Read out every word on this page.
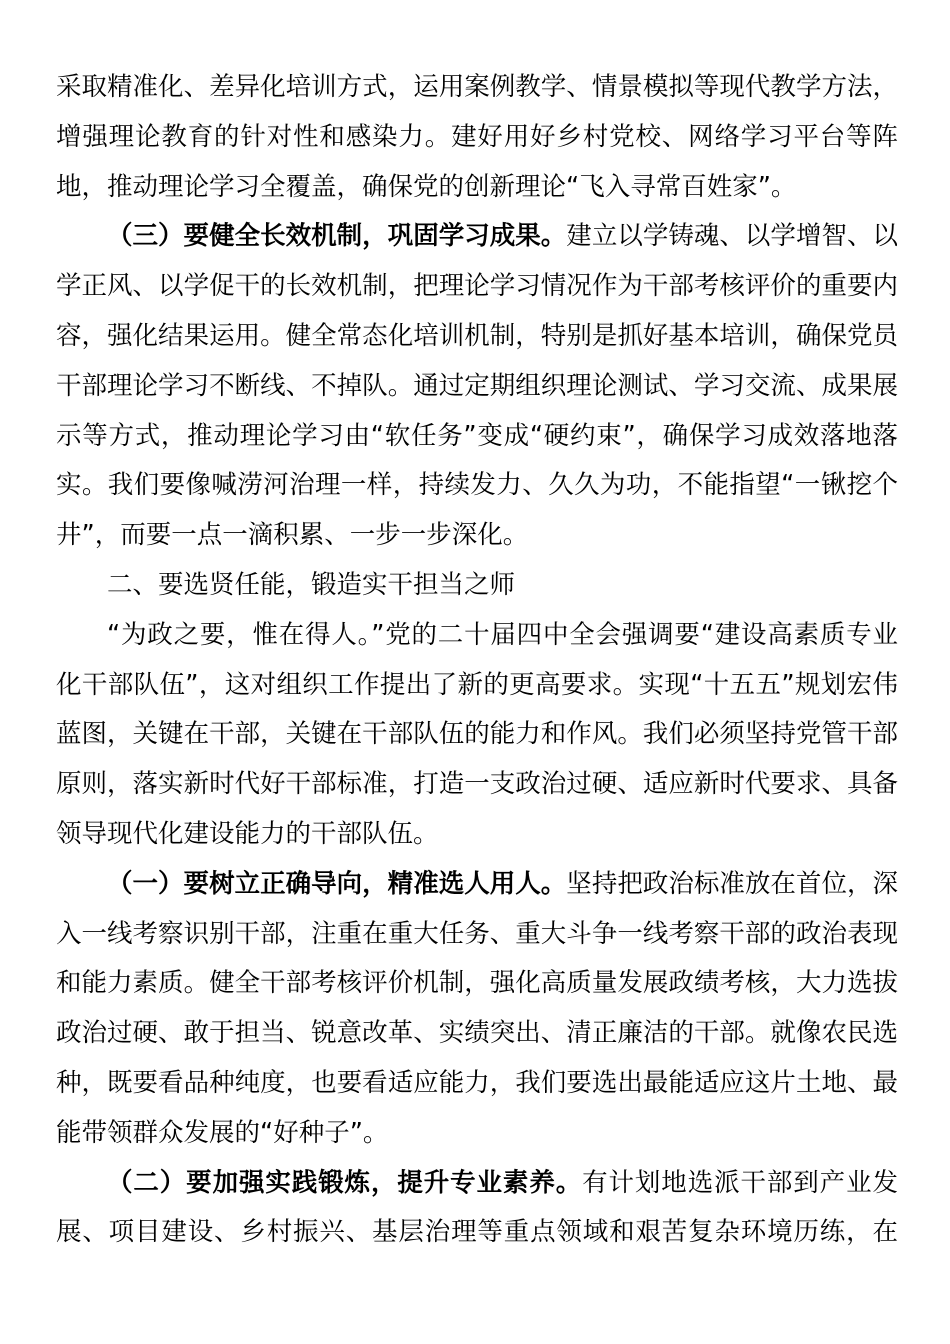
采取精准化、差异化培训方式，运用案例教学、情景模拟等现代教学方法，增强理论教育的针对性和感染力。建好用好乡村党校、网络学习平台等阵地，推动理论学习全覆盖，确保党的创新理论“飞入寻常百姓家”。

（三）要健全长效机制，巩固学习成果。建立以学铸魂、以学增智、以学正风、以学促干的长效机制，把理论学习情况作为干部考核评价的重要内容，强化结果运用。健全常态化培训机制，特别是抓好基本培训，确保党员干部理论学习不断线、不掉队。通过定期组织理论测试、学习交流、成果展示等方式，推动理论学习由“软任务”变成“硬约束”，确保学习成效落地落实。我们要像喊涝河治理一样，持续发力、久久为功，不能指望“一锹挖个井”，而要一点一滴积累、一步一步深化。

二、要选贤任能，锻造实干担当之师

“为政之要，惟在得人。”党的二十届四中全会强调要“建设高素质专业化干部队伍”，这对组织工作提出了新的更高要求。实现“十五五”规划宏伟蓝图，关键在干部，关键在干部队伍的能力和作风。我们必须坚持党管干部原则，落实新时代好干部标准，打造一支政治过硬、适应新时代要求、具备领导现代化建设能力的干部队伍。

（一）要树立正确导向，精准选人用人。坚持把政治标准放在首位，深入一线考察识别干部，注重在重大任务、重大斗争一线考察干部的政治表现和能力素质。健全干部考核评价机制，强化高质量发展政绩考核，大力选拔政治过硬、敢于担当、锐意改革、实绩突出、清正廉洁的干部。就像农民选种，既要看品种纯度，也要看适应能力，我们要选出最能适应这片土地、最能带领群众发展的“好种子”。

（二）要加强实践锻炼，提升专业素养。有计划地选派干部到产业发展、项目建设、乡村振兴、基层治理等重点领域和艰苦复杂环境历练，在
